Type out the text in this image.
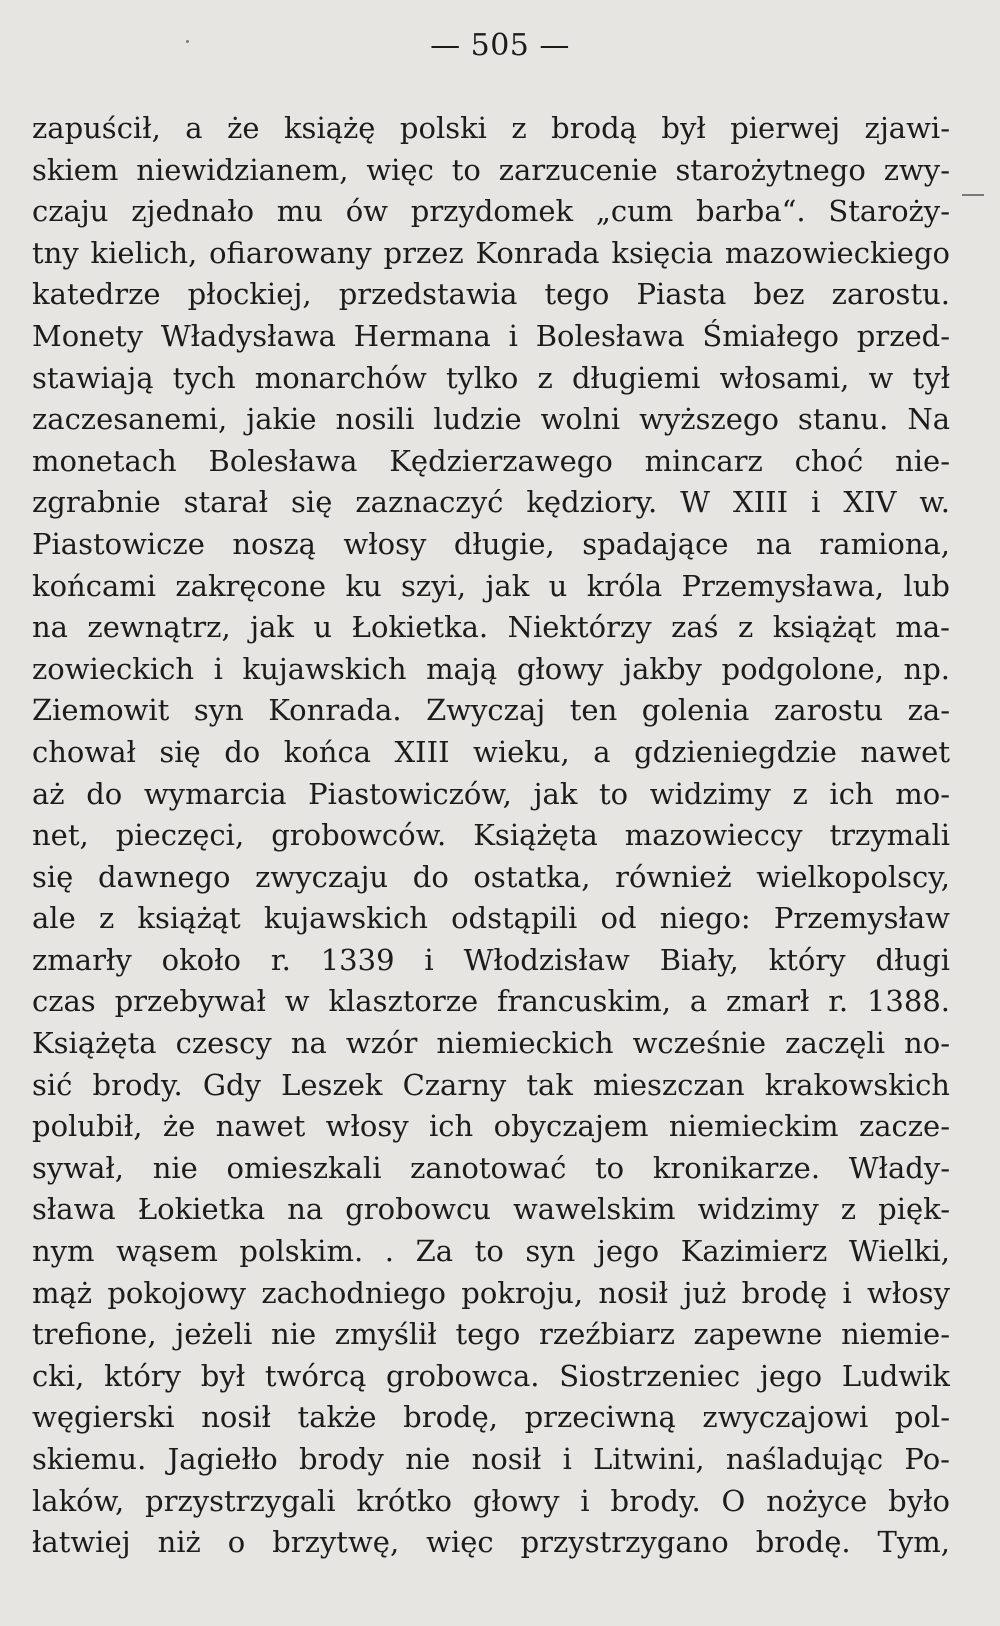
— 505 —
zapuścił, a że książę polski z brodą był pierwej zjawi-
skiem niewidzianem, więc to zarzucenie starożytnego zwy-
czaju zjednało mu ów przydomek „cum barba“. Staroży-
tny kielich, ofiarowany przez Konrada księcia mazowieckiego
katedrze płockiej, przedstawia tego Piasta bez zarostu.
Monety Władysława Hermana i Bolesława Śmiałego przed-
stawiają tych monarchów tylko z długiemi włosami, w tył
zaczesanemi, jakie nosili ludzie wolni wyższego stanu. Na
monetach Bolesława Kędzierzawego mincarz choć nie-
zgrabnie starał się zaznaczyć kędziory. W XIII i XIV w.
Piastowicze noszą włosy długie, spadające na ramiona,
końcami zakręcone ku szyi, jak u króla Przemysława, lub
na zewnątrz, jak u Łokietka. Niektórzy zaś z książąt ma-
zowieckich i kujawskich mają głowy jakby podgolone, np.
Ziemowit syn Konrada. Zwyczaj ten golenia zarostu za-
chował się do końca XIII wieku, a gdzieniegdzie nawet
aż do wymarcia Piastowiczów, jak to widzimy z ich mo-
net, pieczęci, grobowców. Książęta mazowieccy trzymali
się dawnego zwyczaju do ostatka, również wielkopolscy,
ale z książąt kujawskich odstąpili od niego: Przemysław
zmarły około r. 1339 i Włodzisław Biały, który długi
czas przebywał w klasztorze francuskim, a zmarł r. 1388.
Książęta czescy na wzór niemieckich wcześnie zaczęli no-
sić brody. Gdy Leszek Czarny tak mieszczan krakowskich
polubił, że nawet włosy ich obyczajem niemieckim zacze-
sywał, nie omieszkali zanotować to kronikarze. Włady-
sława Łokietka na grobowcu wawelskim widzimy z pięk-
nym wąsem polskim. . Za to syn jego Kazimierz Wielki,
mąż pokojowy zachodniego pokroju, nosił już brodę i włosy
trefione, jeżeli nie zmyślił tego rzeźbiarz zapewne niemie-
cki, który był twórcą grobowca. Siostrzeniec jego Ludwik
węgierski nosił także brodę, przeciwną zwyczajowi pol-
skiemu. Jagiełło brody nie nosił i Litwini, naśladując Po-
laków, przystrzygali krótko głowy i brody. O nożyce było
łatwiej niż o brzytwę, więc przystrzygano brodę. Tym,
